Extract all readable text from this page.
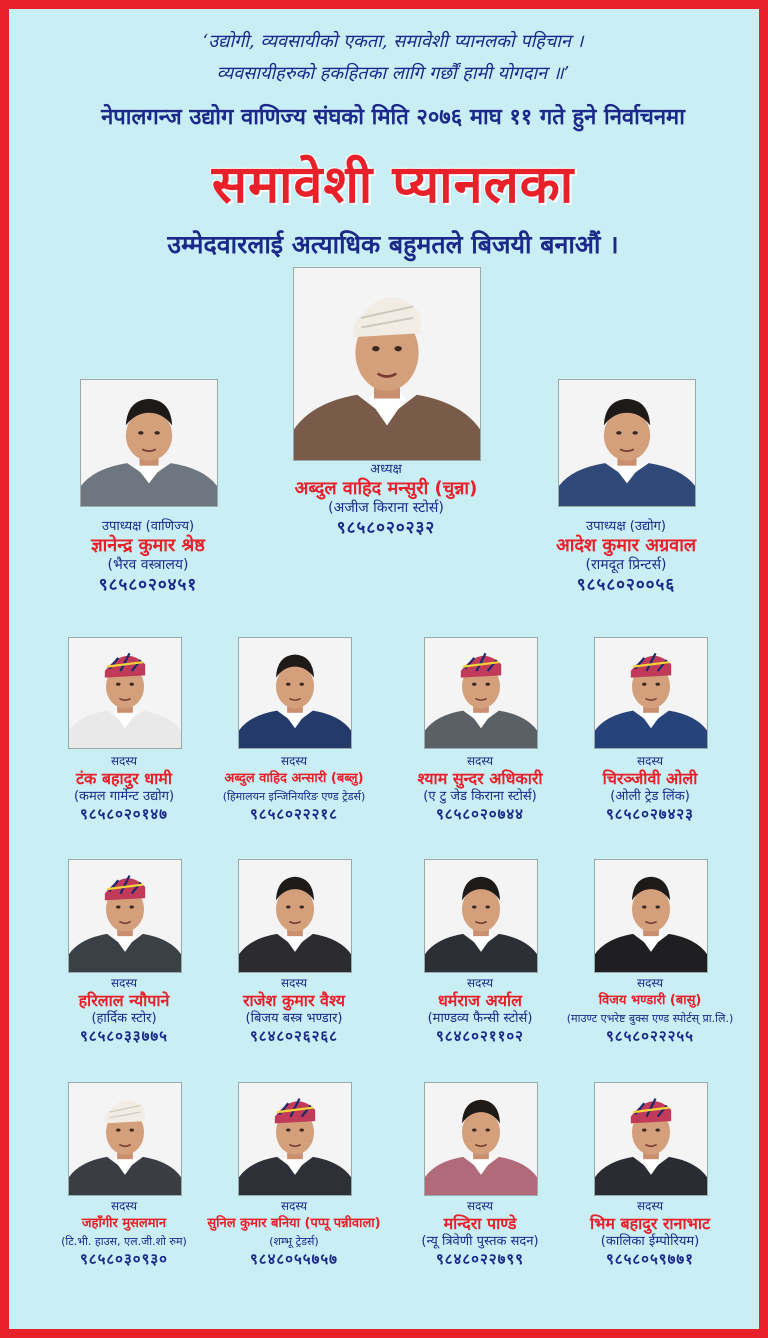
‘उद्योगी, व्यवसायीको एकता, समावेशी प्यानलको पहिचान ।
व्यवसायीहरुको हकहितका लागि गर्छौं हामी योगदान ॥’
नेपालगन्ज उद्योग वाणिज्य संघको मिति २०७६ माघ ११ गते हुने निर्वाचनमा
समावेशी प्यानलका
उम्मेदवारलाई अत्याधिक बहुमतले बिजयी बनाऔं ।
अध्यक्ष
अब्दुल वाहिद मन्सुरी (चुन्ना)
(अजीज किराना स्टोर्स)
९८५८०२०२३२
उपाध्यक्ष (वाणिज्य)
ज्ञानेन्द्र कुमार श्रेष्ठ
(भैरव वस्त्रालय)
९८५८०२०४५१
उपाध्यक्ष (उद्योग)
आदेश कुमार अग्रवाल
(रामदूत प्रिन्टर्स)
९८५८०२००५६
सदस्य
टंक बहादुर धामी
(कमल गार्मेन्ट उद्योग)
९८५८०२०१४७
सदस्य
अब्दुल वाहिद अन्सारी (बब्लु)
(हिमालयन इन्जिनियरिङ एण्ड ट्रेडर्स)
९८५८०२२२१८
सदस्य
श्याम सुन्दर अधिकारी
(ए टु जेड किराना स्टोर्स)
९८५८०२०७४४
सदस्य
चिरञ्जीवी ओली
(ओली ट्रेड लिंक)
९८५८०२७४२३
सदस्य
हरिलाल न्यौपाने
(हार्दिक स्टोर)
९८५८०३३७७५
सदस्य
राजेश कुमार वैश्य
(बिजय बस्त्र भण्डार)
९८४८०२६२६८
सदस्य
धर्मराज अर्याल
(माण्डव्य फैन्सी स्टोर्स)
९८४८०२११०२
सदस्य
विजय भण्डारी (बासु)
(माउण्ट एभरेष्ट बुक्स एण्ड स्पोर्टस् प्रा.लि.)
९८५८०२२२५५
सदस्य
जहाँगीर मुसलमान
(टि.भी. हाउस, एल.जी.शो रुम)
९८५८०३०९३०
सदस्य
सुनिल कुमार बनिया (पप्पू पन्नीवाला)
(शम्भू ट्रेडर्स)
९८४८०५५७५७
सदस्य
मन्दिरा पाण्डे
(न्यू त्रिवेणी पुस्तक सदन)
९८४८०२२७९९
सदस्य
भिम बहादुर रानाभाट
(कालिका ईम्पोरियम)
९८५८०५९७७१
